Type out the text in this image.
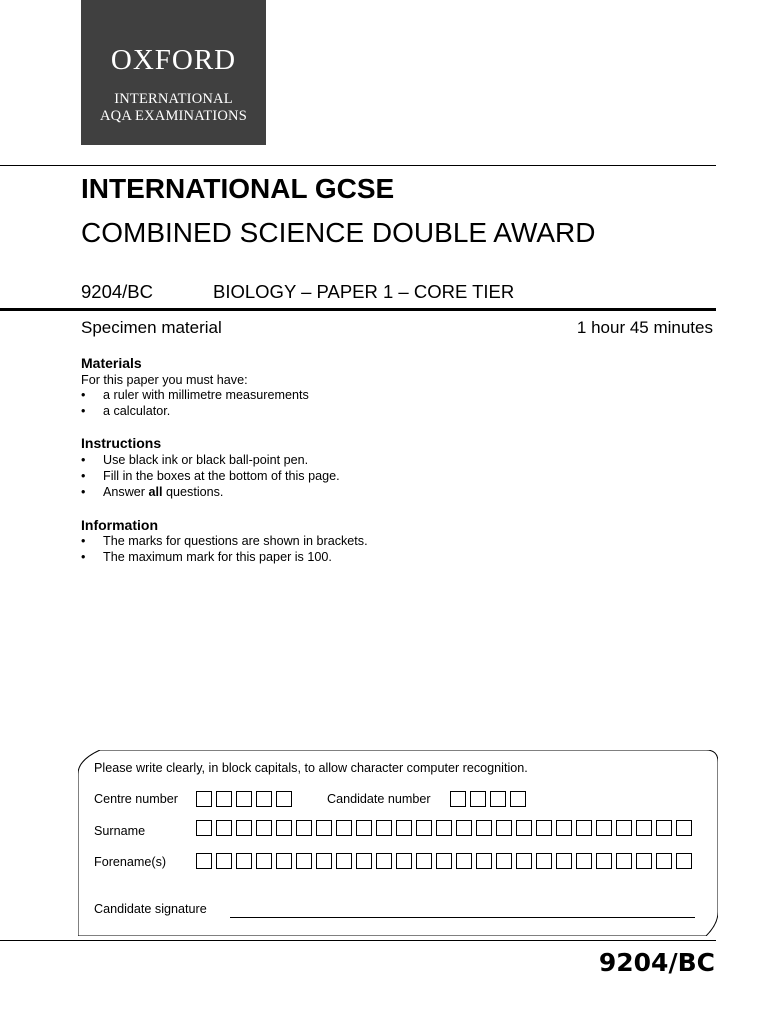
OXFORD
INTERNATIONAL
AQA EXAMINATIONS
INTERNATIONAL GCSE
COMBINED SCIENCE DOUBLE AWARD
9204/BC	BIOLOGY – PAPER 1 – CORE TIER
Specimen material	1 hour 45 minutes
Materials
For this paper you must have:
• a ruler with millimetre measurements
• a calculator.
Instructions
• Use black ink or black ball-point pen.
• Fill in the boxes at the bottom of this page.
• Answer all questions.
Information
• The marks for questions are shown in brackets.
• The maximum mark for this paper is 100.
Please write clearly, in block capitals, to allow character computer recognition.
Centre number	Candidate number
Surname
Forename(s)
Candidate signature
9204/BC
